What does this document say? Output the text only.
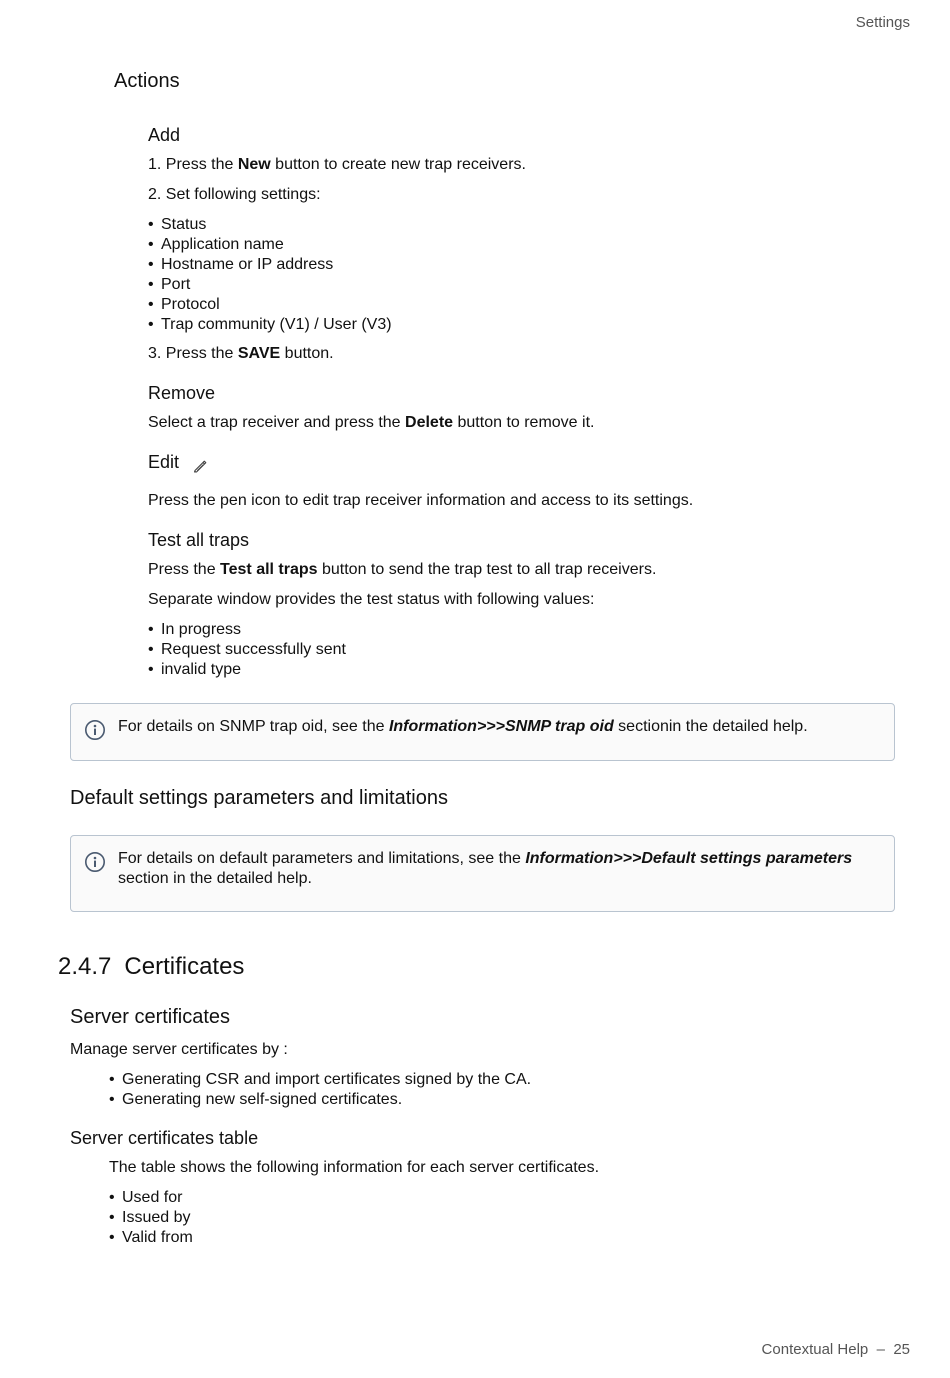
Settings
Actions
Add
1. Press the New button to create new trap receivers.
2. Set following settings:
• Status
• Application name
• Hostname or IP address
• Port
• Protocol
• Trap community (V1) / User (V3)
3. Press the SAVE button.
Remove
Select a trap receiver and press the Delete button to remove it.
Edit
Press the pen icon to edit trap receiver information and access to its settings.
Test all traps
Press the Test all traps button to send the trap test to all trap receivers.
Separate window provides the test status with following values:
• In progress
• Request successfully sent
• invalid type
For details on SNMP trap oid, see the Information>>>SNMP trap oid sectionin the detailed help.
Default settings parameters and limitations
For details on default parameters and limitations, see the Information>>>Default settings parameters section in the detailed help.
2.4.7 Certificates
Server certificates
Manage server certificates by :
• Generating CSR and import certificates signed by the CA.
• Generating new self-signed certificates.
Server certificates table
The table shows the following information for each server certificates.
• Used for
• Issued by
• Valid from
Contextual Help – 25
